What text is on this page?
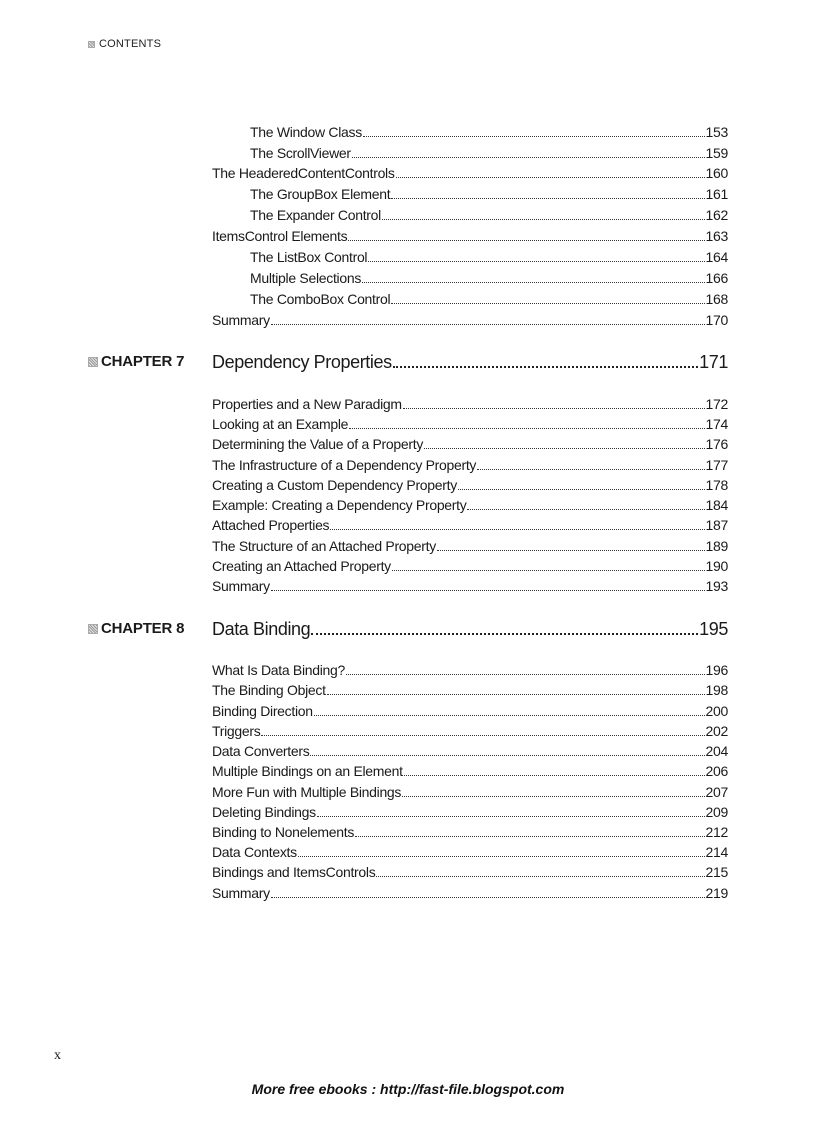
CONTENTS
The Window Class	153
The ScrollViewer	159
The HeaderedContentControls	160
The GroupBox Element	161
The Expander Control	162
ItemsControl Elements	163
The ListBox Control	164
Multiple Selections	166
The ComboBox Control	168
Summary	170
CHAPTER 7 Dependency Properties	171
Properties and a New Paradigm	172
Looking at an Example	174
Determining the Value of a Property	176
The Infrastructure of a Dependency Property	177
Creating a Custom Dependency Property	178
Example: Creating a Dependency Property	184
Attached Properties	187
The Structure of an Attached Property	189
Creating an Attached Property	190
Summary	193
CHAPTER 8 Data Binding	195
What Is Data Binding?	196
The Binding Object	198
Binding Direction	200
Triggers	202
Data Converters	204
Multiple Bindings on an Element	206
More Fun with Multiple Bindings	207
Deleting Bindings	209
Binding to Nonelements	212
Data Contexts	214
Bindings and ItemsControls	215
Summary	219
x
More free ebooks : http://fast-file.blogspot.com
